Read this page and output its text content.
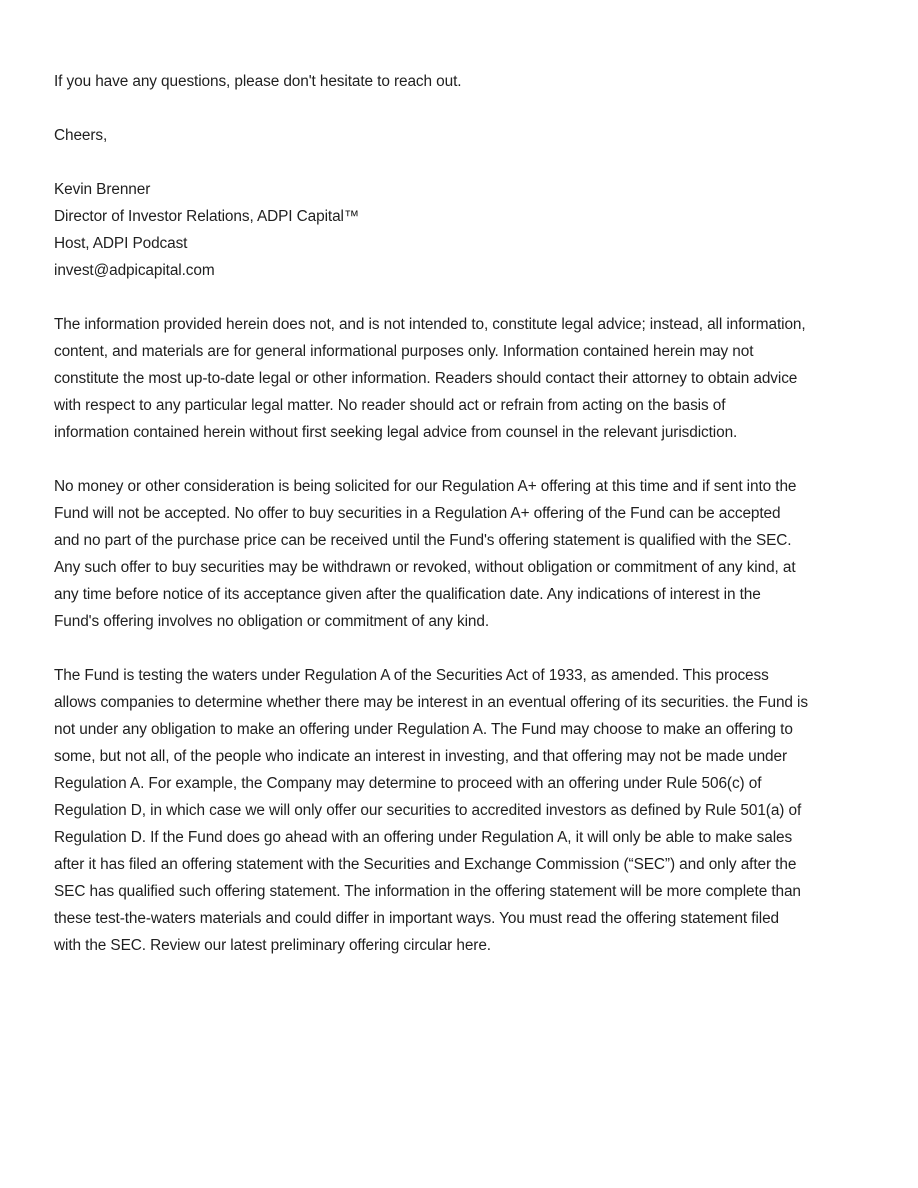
If you have any questions, please don't hesitate to reach out.
Cheers,
Kevin Brenner
Director of Investor Relations, ADPI Capital™
Host, ADPI Podcast
invest@adpicapital.com
The information provided herein does not, and is not intended to, constitute legal advice; instead, all information,
content, and materials are for general informational purposes only. Information contained herein may not
constitute the most up-to-date legal or other information. Readers should contact their attorney to obtain advice
with respect to any particular legal matter. No reader should act or refrain from acting on the basis of
information contained herein without first seeking legal advice from counsel in the relevant jurisdiction.
No money or other consideration is being solicited for our Regulation A+ offering at this time and if sent into the
Fund will not be accepted. No offer to buy securities in a Regulation A+ offering of the Fund can be accepted
and no part of the purchase price can be received until the Fund's offering statement is qualified with the SEC.
Any such offer to buy securities may be withdrawn or revoked, without obligation or commitment of any kind, at
any time before notice of its acceptance given after the qualification date. Any indications of interest in the
Fund's offering involves no obligation or commitment of any kind.
The Fund is testing the waters under Regulation A of the Securities Act of 1933, as amended. This process
allows companies to determine whether there may be interest in an eventual offering of its securities. the Fund is
not under any obligation to make an offering under Regulation A. The Fund may choose to make an offering to
some, but not all, of the people who indicate an interest in investing, and that offering may not be made under
Regulation A. For example, the Company may determine to proceed with an offering under Rule 506(c) of
Regulation D, in which case we will only offer our securities to accredited investors as defined by Rule 501(a) of
Regulation D. If the Fund does go ahead with an offering under Regulation A, it will only be able to make sales
after it has filed an offering statement with the Securities and Exchange Commission (“SEC”) and only after the
SEC has qualified such offering statement. The information in the offering statement will be more complete than
these test-the-waters materials and could differ in important ways. You must read the offering statement filed
with the SEC. Review our latest preliminary offering circular here.
